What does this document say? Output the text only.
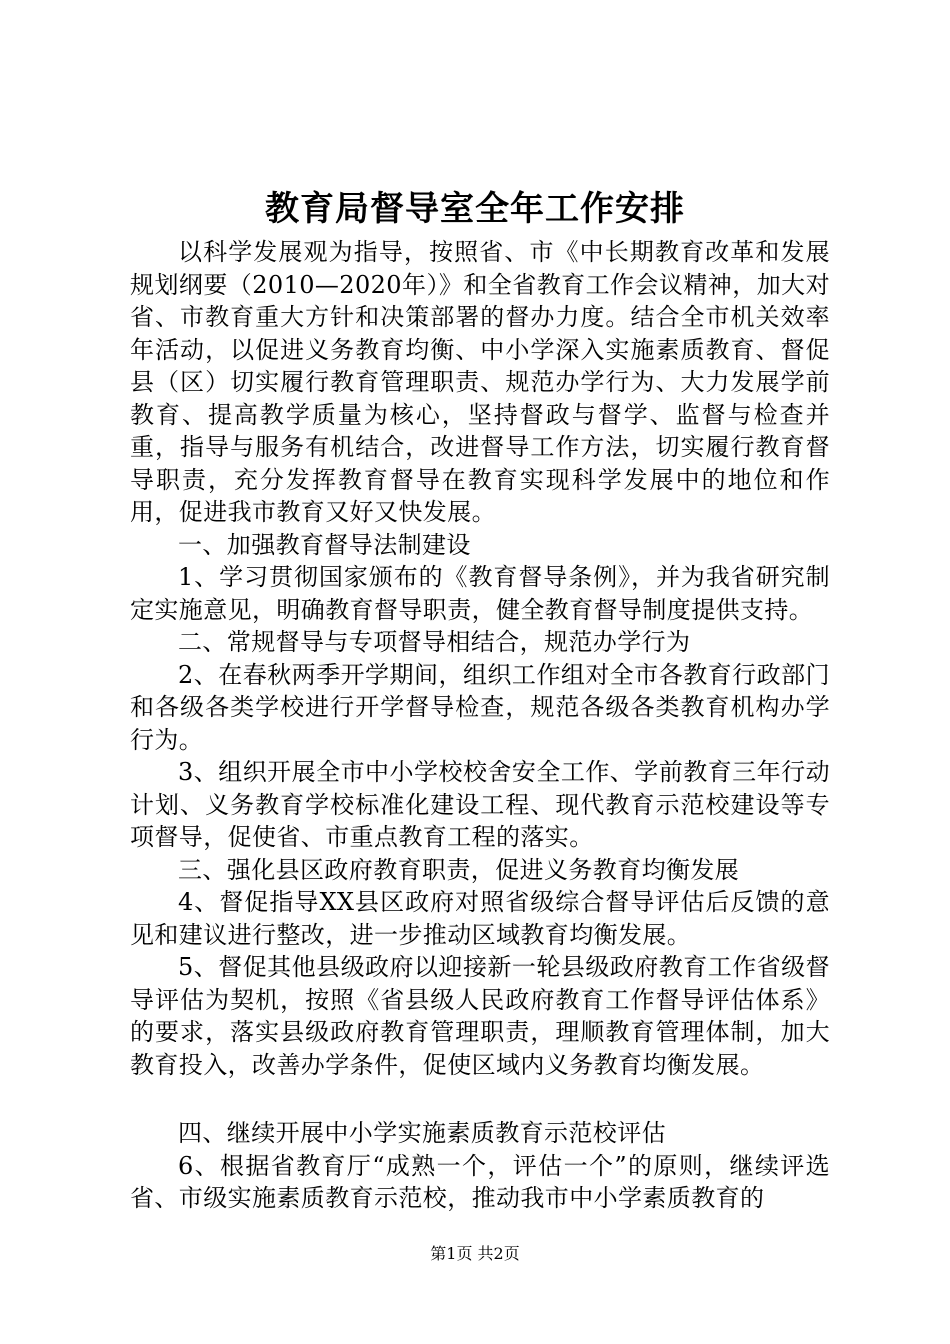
教育局督导室全年工作安排

以科学发展观为指导，按照省、市《中长期教育改革和发展规划纲要（2010—2020年）》和全省教育工作会议精神，加大对省、市教育重大方针和决策部署的督办力度。结合全市机关效率年活动，以促进义务教育均衡、中小学深入实施素质教育、督促县（区）切实履行教育管理职责、规范办学行为、大力发展学前教育、提高教学质量为核心，坚持督政与督学、监督与检查并重，指导与服务有机结合，改进督导工作方法，切实履行教育督导职责，充分发挥教育督导在教育实现科学发展中的地位和作用，促进我市教育又好又快发展。

一、加强教育督导法制建设

1、学习贯彻国家颁布的《教育督导条例》，并为我省研究制定实施意见，明确教育督导职责，健全教育督导制度提供支持。

二、常规督导与专项督导相结合，规范办学行为

2、在春秋两季开学期间，组织工作组对全市各教育行政部门和各级各类学校进行开学督导检查，规范各级各类教育机构办学行为。

3、组织开展全市中小学校校舍安全工作、学前教育三年行动计划、义务教育学校标准化建设工程、现代教育示范校建设等专项督导，促使省、市重点教育工程的落实。

三、强化县区政府教育职责，促进义务教育均衡发展

4、督促指导XX县区政府对照省级综合督导评估后反馈的意见和建议进行整改，进一步推动区域教育均衡发展。

5、督促其他县级政府以迎接新一轮县级政府教育工作省级督导评估为契机，按照《省县级人民政府教育工作督导评估体系》的要求，落实县级政府教育管理职责，理顺教育管理体制，加大教育投入，改善办学条件，促使区域内义务教育均衡发展。

四、继续开展中小学实施素质教育示范校评估

6、根据省教育厅“成熟一个，评估一个”的原则，继续评选省、市级实施素质教育示范校，推动我市中小学素质教育的

第1页 共2页
